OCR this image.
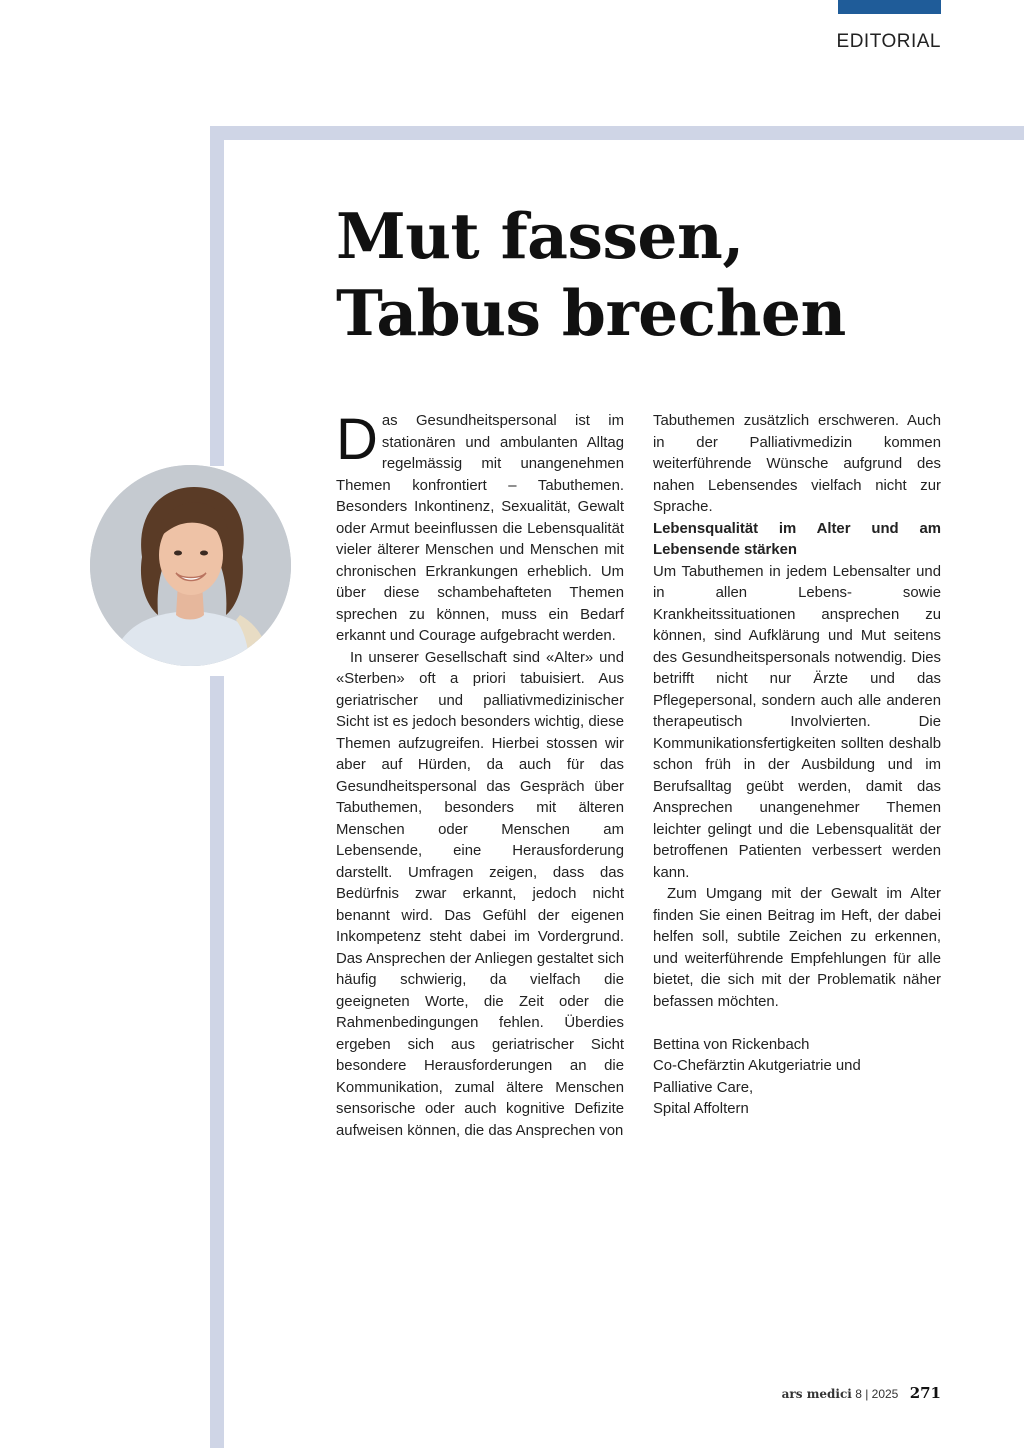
EDITORIAL
Mut fassen,
Tabus brechen

Das Gesundheitspersonal ist im stationären und ambulanten Alltag regelmässig mit unangenehmen Themen konfrontiert – Tabuthemen. Besonders Inkontinenz, Sexualität, Gewalt oder Armut beeinflussen die Lebensqualität vieler älterer Menschen und Menschen mit chronischen Erkrankungen erheblich. Um über diese schambehafteten Themen sprechen zu können, muss ein Bedarf erkannt und Courage aufgebracht werden.

In unserer Gesellschaft sind «Alter» und «Sterben» oft a priori tabuisiert. Aus geriatrischer und palliativmedizinischer Sicht ist es jedoch besonders wichtig, diese Themen aufzugreifen. Hierbei stossen wir aber auf Hürden, da auch für das Gesundheitspersonal das Gespräch über Tabuthemen, besonders mit älteren Menschen oder Menschen am Lebensende, eine Herausforderung darstellt. Umfragen zeigen, dass das Bedürfnis zwar erkannt, jedoch nicht benannt wird. Das Gefühl der eigenen Inkompetenz steht dabei im Vordergrund. Das Ansprechen der Anliegen gestaltet sich häufig schwierig, da vielfach die geeigneten Worte, die Zeit oder die Rahmenbedingungen fehlen. Überdies ergeben sich aus geriatrischer Sicht besondere Herausforderungen an die Kommunikation, zumal ältere Menschen sensorische oder auch kognitive Defizite aufweisen können, die das Ansprechen von

Tabuthemen zusätzlich erschweren. Auch in der Palliativmedizin kommen weiterführende Wünsche aufgrund des nahen Lebensendes vielfach nicht zur Sprache.

Lebensqualität im Alter und am Lebensende stärken

Um Tabuthemen in jedem Lebensalter und in allen Lebens- sowie Krankheitssituationen ansprechen zu können, sind Aufklärung und Mut seitens des Gesundheitspersonals notwendig. Dies betrifft nicht nur Ärzte und das Pflegepersonal, sondern auch alle anderen therapeutisch Involvierten. Die Kommunikationsfertigkeiten sollten deshalb schon früh in der Ausbildung und im Berufsalltag geübt werden, damit das Ansprechen unangenehmer Themen leichter gelingt und die Lebensqualität der betroffenen Patienten verbessert werden kann.

Zum Umgang mit der Gewalt im Alter finden Sie einen Beitrag im Heft, der dabei helfen soll, subtile Zeichen zu erkennen, und weiterführende Empfehlungen für alle bietet, die sich mit der Problematik näher befassen möchten.

Bettina von Rickenbach
Co-Chefärztin Akutgeriatrie und
Palliative Care,
Spital Affoltern
ars medici 8 | 2025 271
